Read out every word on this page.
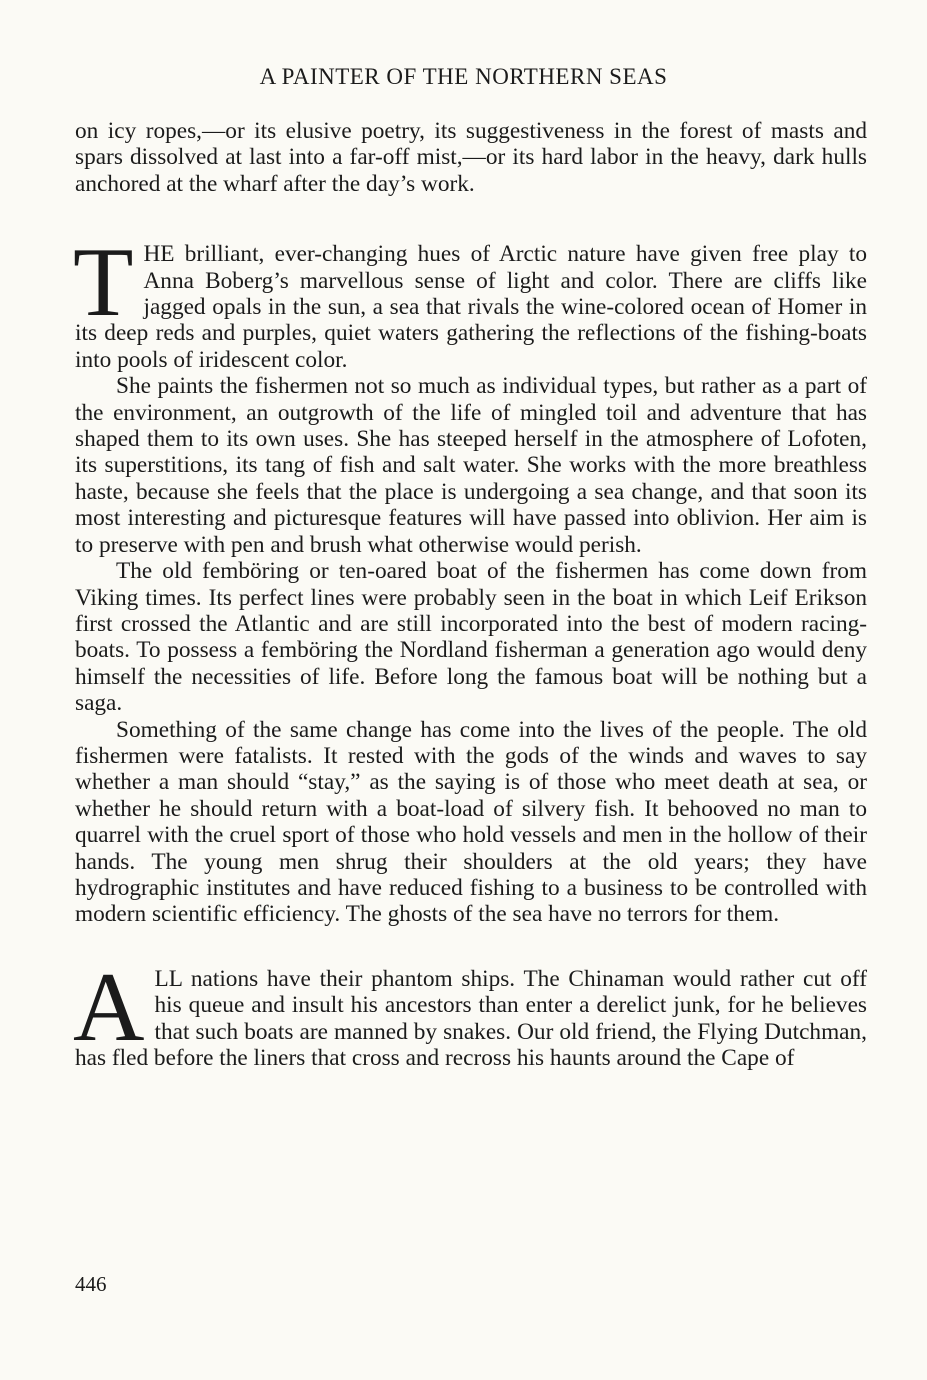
A PAINTER OF THE NORTHERN SEAS

on icy ropes,—or its elusive poetry, its suggestiveness in the forest of masts and spars dissolved at last into a far-off mist,—or its hard labor in the heavy, dark hulls anchored at the wharf after the day’s work.

THE brilliant, ever-changing hues of Arctic nature have given free play to Anna Boberg’s marvellous sense of light and color. There are cliffs like jagged opals in the sun, a sea that rivals the wine-colored ocean of Homer in its deep reds and purples, quiet waters gathering the reflections of the fishing-boats into pools of iridescent color.

She paints the fishermen not so much as individual types, but rather as a part of the environment, an outgrowth of the life of mingled toil and adventure that has shaped them to its own uses. She has steeped herself in the atmosphere of Lofoten, its superstitions, its tang of fish and salt water. She works with the more breathless haste, because she feels that the place is undergoing a sea change, and that soon its most interesting and picturesque features will have passed into oblivion. Her aim is to preserve with pen and brush what otherwise would perish.

The old femböring or ten-oared boat of the fishermen has come down from Viking times. Its perfect lines were probably seen in the boat in which Leif Erikson first crossed the Atlantic and are still incorporated into the best of modern racing-boats. To possess a femböring the Nordland fisherman a generation ago would deny himself the necessities of life. Before long the famous boat will be nothing but a saga.

Something of the same change has come into the lives of the people. The old fishermen were fatalists. It rested with the gods of the winds and waves to say whether a man should “stay,” as the saying is of those who meet death at sea, or whether he should return with a boat-load of silvery fish. It behooved no man to quarrel with the cruel sport of those who hold vessels and men in the hollow of their hands. The young men shrug their shoulders at the old years; they have hydrographic institutes and have reduced fishing to a business to be controlled with modern scientific efficiency. The ghosts of the sea have no terrors for them.

ALL nations have their phantom ships. The Chinaman would rather cut off his queue and insult his ancestors than enter a derelict junk, for he believes that such boats are manned by snakes. Our old friend, the Flying Dutchman, has fled before the liners that cross and recross his haunts around the Cape of

446
